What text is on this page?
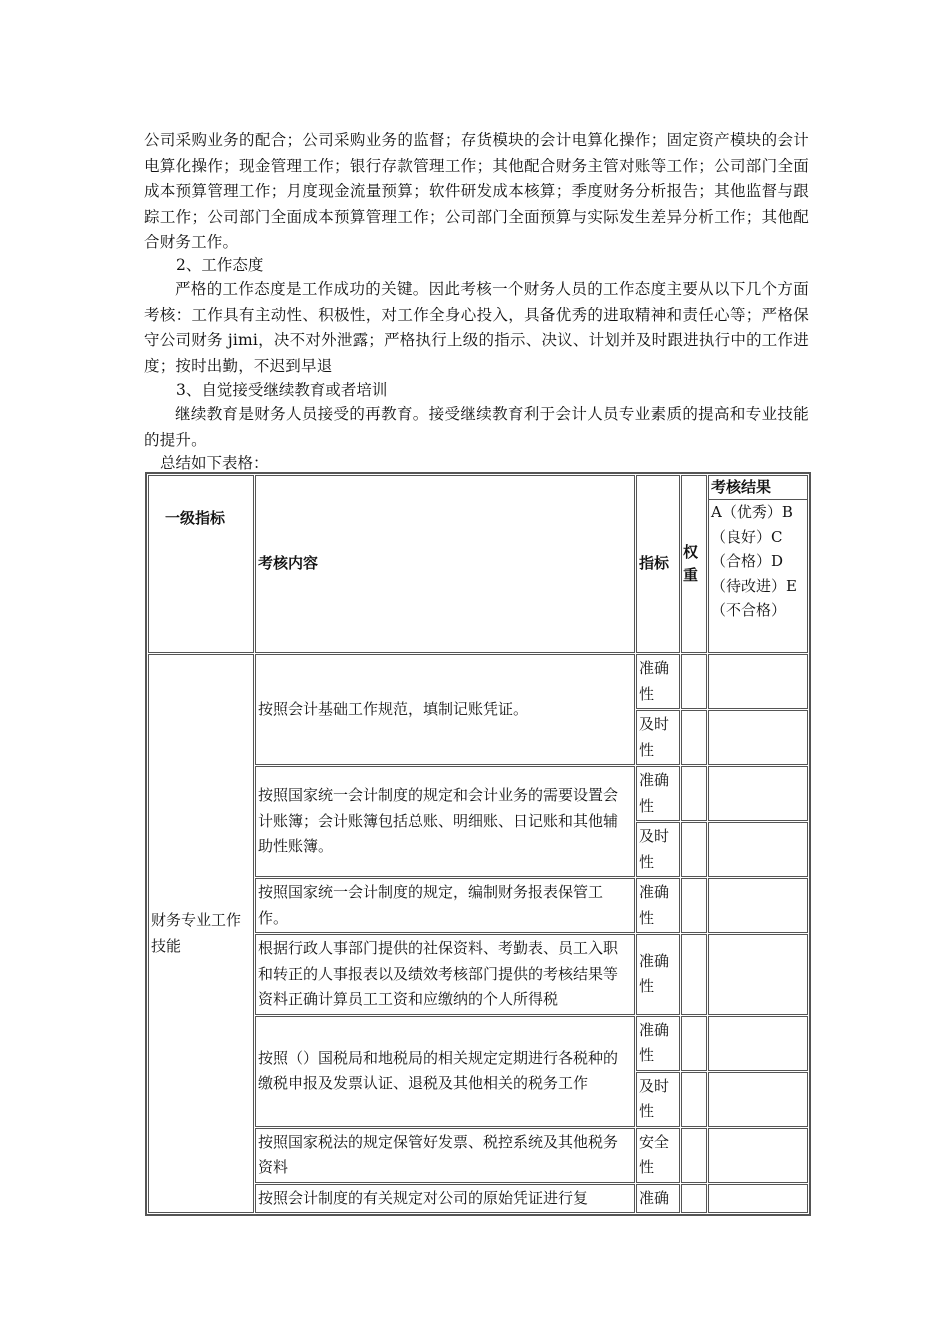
公司采购业务的配合；公司采购业务的监督；存货模块的会计电算化操作；固定资产模块的会计电算化操作；现金管理工作；银行存款管理工作；其他配合财务主管对账等工作；公司部门全面成本预算管理工作；月度现金流量预算；软件研发成本核算；季度财务分析报告；其他监督与跟踪工作；公司部门全面成本预算管理工作；公司部门全面预算与实际发生差异分析工作；其他配合财务工作。
2、工作态度
严格的工作态度是工作成功的关键。因此考核一个财务人员的工作态度主要从以下几个方面考核：工作具有主动性、积极性，对工作全身心投入，具备优秀的进取精神和责任心等；严格保守公司财务 jimi，决不对外泄露；严格执行上级的指示、决议、计划并及时跟进执行中的工作进度；按时出勤，不迟到早退
3、自觉接受继续教育或者培训
继续教育是财务人员接受的再教育。接受继续教育利于会计人员专业素质的提高和专业技能的提升。
总结如下表格：
一级指标	考核内容	指标	权重	考核结果
A（优秀）B（良好）C（合格）D（待改进）E（不合格）

财务专业工作技能	按照会计基础工作规范，填制记账凭证。	准确性		
		及时性		
	按照国家统一会计制度的规定和会计业务的需要设置会计账簿；会计账簿包括总账、明细账、日记账和其他辅助性账簿。	准确性		
		及时性		
	按照国家统一会计制度的规定，编制财务报表保管工作。	准确性		
	根据行政人事部门提供的社保资料、考勤表、员工入职和转正的人事报表以及绩效考核部门提供的考核结果等资料正确计算员工工资和应缴纳的个人所得税	准确性		
	按照（）国税局和地税局的相关规定定期进行各税种的缴税申报及发票认证、退税及其他相关的税务工作	准确性		
		及时性		
	按照国家税法的规定保管好发票、税控系统及其他税务资料	安全性		
	按照会计制度的有关规定对公司的原始凭证进行复	准确		
